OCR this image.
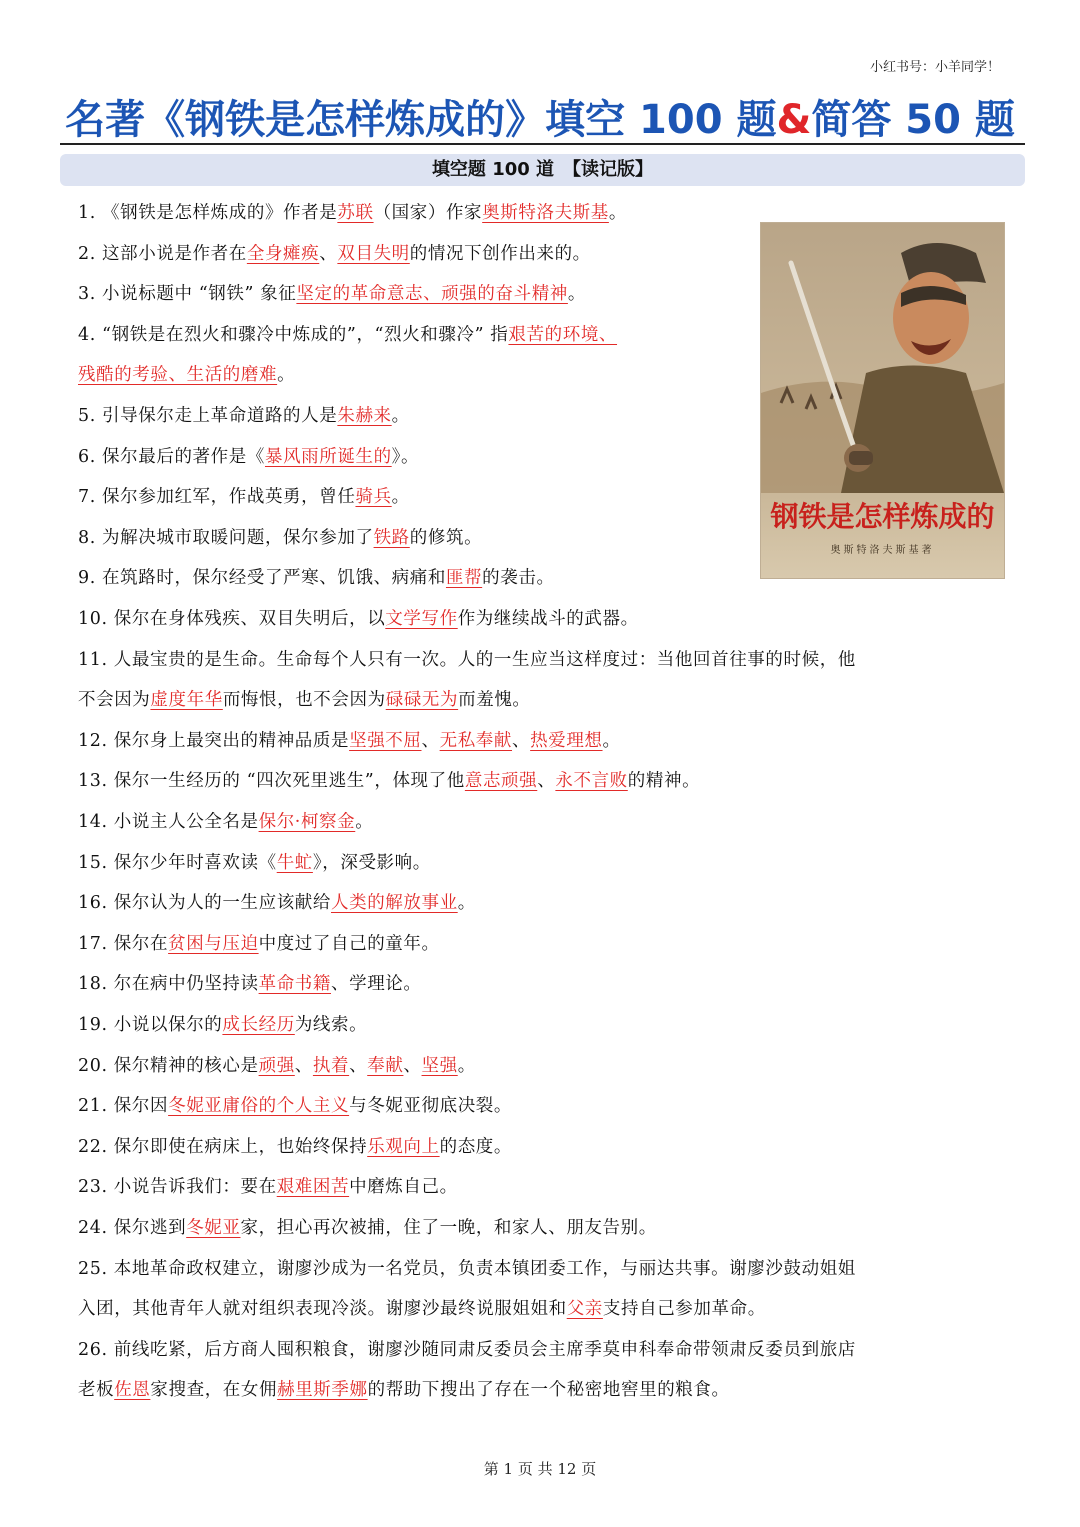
小红书号：小羊同学！
名著《钢铁是怎样炼成的》填空 100 题&简答 50 题
填空题 100 道　【读记版】
钢铁是怎样炼成的
奥斯特洛夫斯基著
1. 《钢铁是怎样炼成的》作者是苏联（国家）作家奥斯特洛夫斯基。
2. 这部小说是作者在全身瘫痪、双目失明的情况下创作出来的。
3. 小说标题中 “钢铁” 象征坚定的革命意志、顽强的奋斗精神。
4. “钢铁是在烈火和骤冷中炼成的”，“烈火和骤冷” 指艰苦的环境、
残酷的考验、生活的磨难。
5. 引导保尔走上革命道路的人是朱赫来。
6. 保尔最后的著作是《暴风雨所诞生的》。
7. 保尔参加红军，作战英勇，曾任骑兵。
8. 为解决城市取暖问题，保尔参加了铁路的修筑。
9. 在筑路时，保尔经受了严寒、饥饿、病痛和匪帮的袭击。
10. 保尔在身体残疾、双目失明后，以文学写作作为继续战斗的武器。
11. 人最宝贵的是生命。生命每个人只有一次。人的一生应当这样度过：当他回首往事的时候，他
不会因为虚度年华而悔恨，也不会因为碌碌无为而羞愧。
12. 保尔身上最突出的精神品质是坚强不屈、无私奉献、热爱理想。
13. 保尔一生经历的 “四次死里逃生”，体现了他意志顽强、永不言败的精神。
14. 小说主人公全名是保尔·柯察金。
15. 保尔少年时喜欢读《牛虻》，深受影响。
16. 保尔认为人的一生应该献给人类的解放事业。
17. 保尔在贫困与压迫中度过了自己的童年。
18. 尔在病中仍坚持读革命书籍、学理论。
19. 小说以保尔的成长经历为线索。
20. 保尔精神的核心是顽强、执着、奉献、坚强。
21. 保尔因冬妮亚庸俗的个人主义与冬妮亚彻底决裂。
22. 保尔即使在病床上，也始终保持乐观向上的态度。
23. 小说告诉我们：要在艰难困苦中磨炼自己。
24. 保尔逃到冬妮亚家，担心再次被捕，住了一晚，和家人、朋友告别。
25. 本地革命政权建立，谢廖沙成为一名党员，负责本镇团委工作，与丽达共事。谢廖沙鼓动姐姐
入团，其他青年人就对组织表现冷淡。谢廖沙最终说服姐姐和父亲支持自己参加革命。
26. 前线吃紧，后方商人囤积粮食，谢廖沙随同肃反委员会主席季莫申科奉命带领肃反委员到旅店
老板佐恩家搜查，在女佣赫里斯季娜的帮助下搜出了存在一个秘密地窖里的粮食。
第 1 页 共 12 页
